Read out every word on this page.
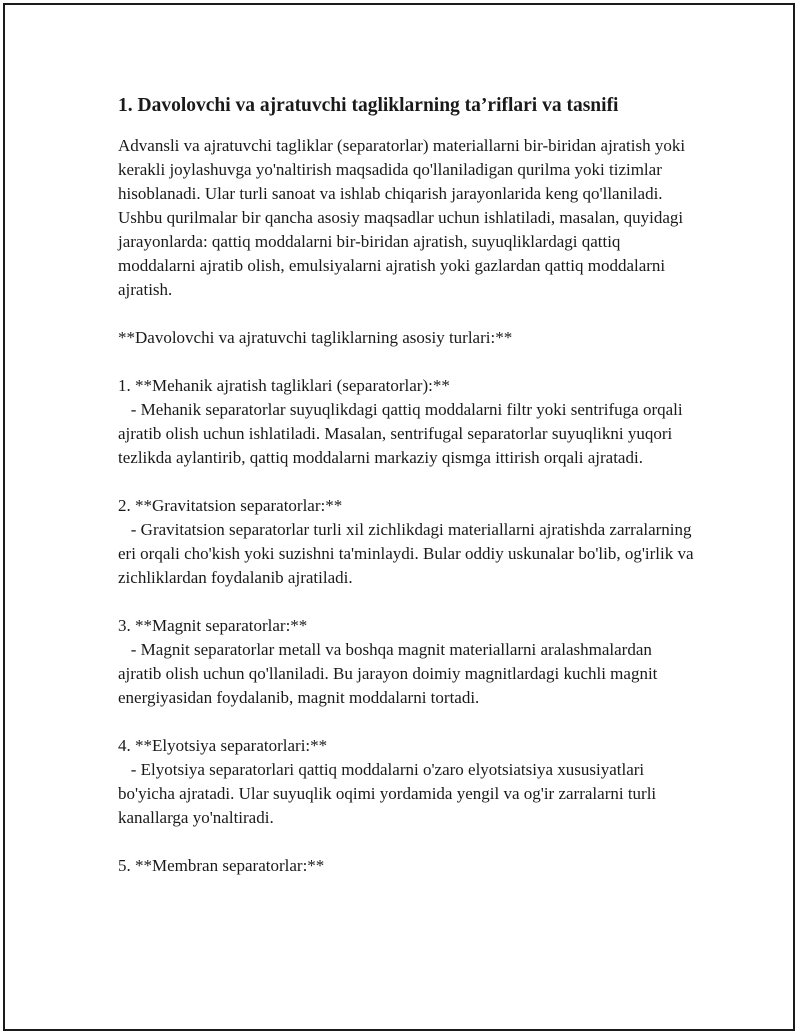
1. Davolovchi va ajratuvchi tagliklarning ta’riflari va tasnifi

Advansli va ajratuvchi tagliklar (separatorlar) materiallarni bir-biridan ajratish yoki kerakli joylashuvga yo'naltirish maqsadida qo'llaniladigan qurilma yoki tizimlar hisoblanadi. Ular turli sanoat va ishlab chiqarish jarayonlarida keng qo'llaniladi. Ushbu qurilmalar bir qancha asosiy maqsadlar uchun ishlatiladi, masalan, quyidagi jarayonlarda: qattiq moddalarni bir-biridan ajratish, suyuqliklardagi qattiq moddalarni ajratib olish, emulsiyalarni ajratish yoki gazlardan qattiq moddalarni ajratish.

**Davolovchi va ajratuvchi tagliklarning asosiy turlari:**

1. **Mehanik ajratish tagliklari (separatorlar):**

- Mehanik separatorlar suyuqlikdagi qattiq moddalarni filtr yoki sentrifuga orqali ajratib olish uchun ishlatiladi. Masalan, sentrifugal separatorlar suyuqlikni yuqori tezlikda aylantirib, qattiq moddalarni markaziy qismga ittirish orqali ajratadi.

2. **Gravitatsion separatorlar:**

- Gravitatsion separatorlar turli xil zichlikdagi materiallarni ajratishda zarralarning eri orqali cho'kish yoki suzishni ta'minlaydi. Bular oddiy uskunalar bo'lib, og'irlik va zichliklardan foydalanib ajratiladi.

3. **Magnit separatorlar:**

- Magnit separatorlar metall va boshqa magnit materiallarni aralashmalardan ajratib olish uchun qo'llaniladi. Bu jarayon doimiy magnitlardagi kuchli magnit energiyasidan foydalanib, magnit moddalarni tortadi.

4. **Elyotsiya separatorlari:**

- Elyotsiya separatorlari qattiq moddalarni o'zaro elyotsiatsiya xususiyatlari bo'yicha ajratadi. Ular suyuqlik oqimi yordamida yengil va og'ir zarralarni turli kanallarga yo'naltiradi.

5. **Membran separatorlar:**
